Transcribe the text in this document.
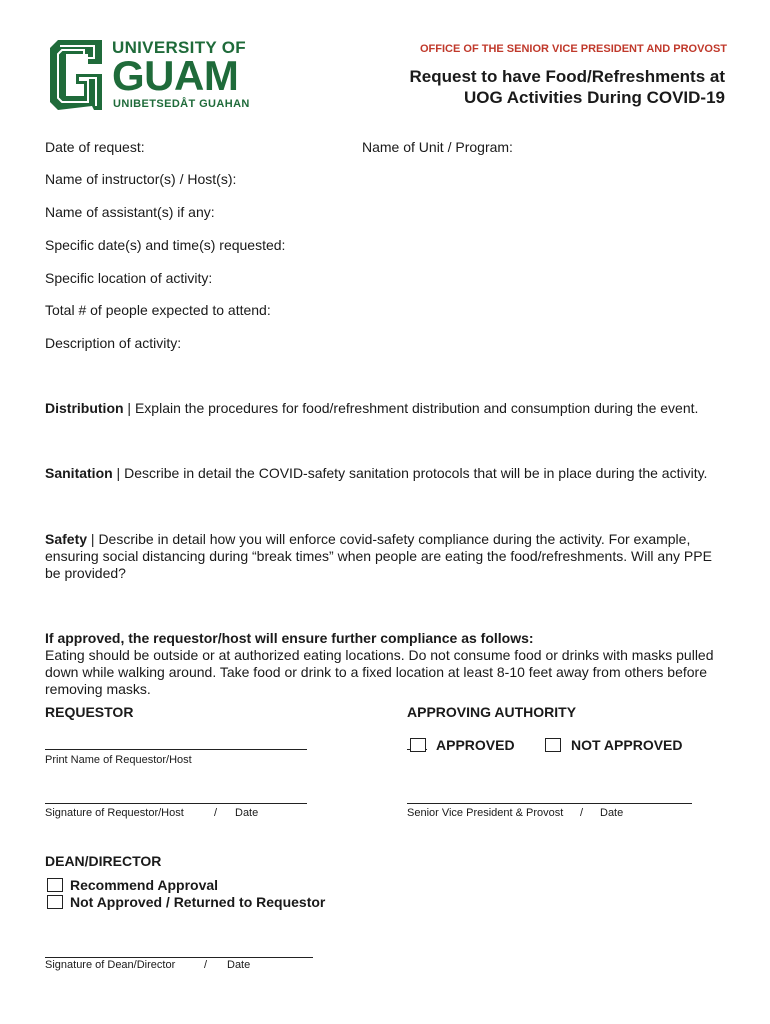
UNIVERSITY OF
GUAM
UNIBETSEDÅT GUAHAN
OFFICE OF THE SENIOR VICE PRESIDENT AND PROVOST
Request to have Food/Refreshments at
UOG Activities During COVID-19
Date of request:	Name of Unit / Program:
Name of instructor(s) / Host(s):
Name of assistant(s) if any:
Specific date(s) and time(s) requested:
Specific location of activity:
Total # of people expected to attend:
Description of activity:
Distribution | Explain the procedures for food/refreshment distribution and consumption during the event.
Sanitation | Describe in detail the COVID-safety sanitation protocols that will be in place during the activity.
Safety | Describe in detail how you will enforce covid-safety compliance during the activity. For example, ensuring social distancing during “break times” when people are eating the food/refreshments. Will any PPE be provided?
If approved, the requestor/host will ensure further compliance as follows:
Eating should be outside or at authorized eating locations. Do not consume food or drinks with masks pulled down while walking around. Take food or drink to a fixed location at least 8-10 feet away from others before removing masks.
REQUESTOR
Print Name of Requestor/Host
Signature of Requestor/Host	/ Date
APPROVING AUTHORITY
APPROVED	NOT APPROVED
Senior Vice President & Provost / Date
DEAN/DIRECTOR
Recommend Approval
Not Approved / Returned to Requestor
Signature of Dean/Director	/ Date
